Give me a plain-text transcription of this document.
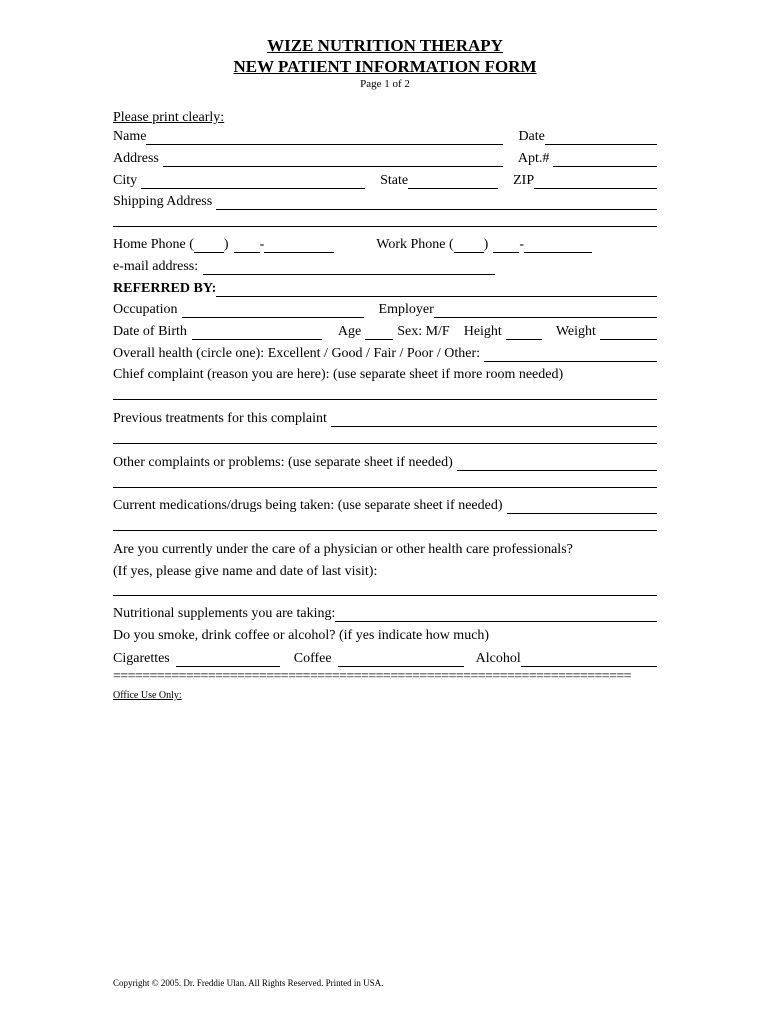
WIZE NUTRITION THERAPY
NEW PATIENT INFORMATION FORM
Page 1 of 2
Please print clearly:
Name	Date
Address	Apt.#
City	State	ZIP
Shipping Address
Home Phone ( ) -	Work Phone ( ) -
e-mail address:
REFERRED BY:
Occupation	Employer
Date of Birth	Age	Sex: M/F Height	Weight
Overall health (circle one): Excellent / Good / Fair / Poor / Other:
Chief complaint (reason you are here): (use separate sheet if more room needed)
Previous treatments for this complaint
Other complaints or problems: (use separate sheet if needed)
Current medications/drugs being taken: (use separate sheet if needed)
Are you currently under the care of a physician or other health care professionals?
(If yes, please give name and date of last visit):
Nutritional supplements you are taking:
Do you smoke, drink coffee or alcohol? (if yes indicate how much)
Cigarettes	Coffee	Alcohol
=======================================================================
Office Use Only:
Copyright © 2005. Dr. Freddie Ulan. All Rights Reserved. Printed in USA.
